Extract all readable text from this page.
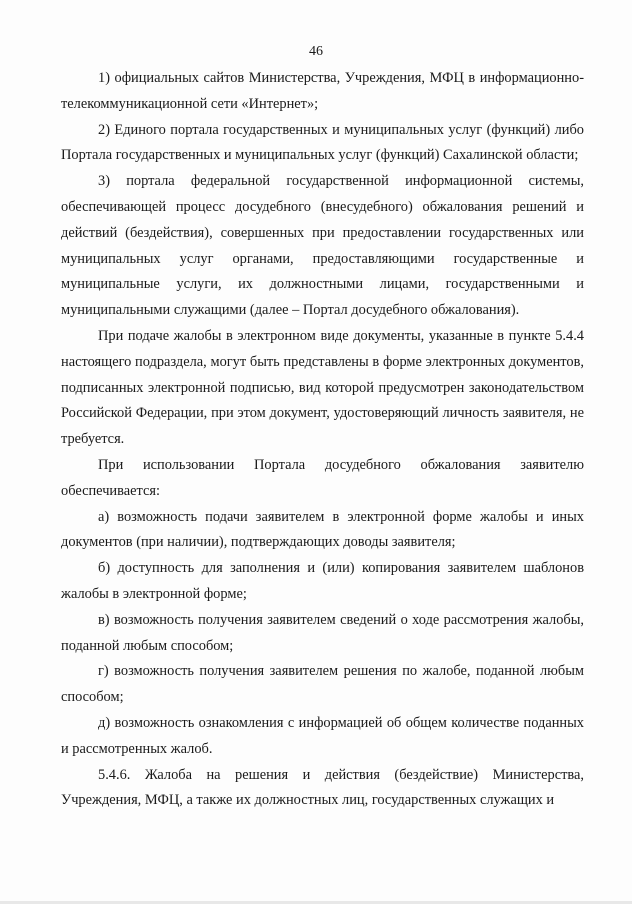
46

1) официальных сайтов Министерства, Учреждения, МФЦ в информационно-телекоммуникационной сети «Интернет»;

2) Единого портала государственных и муниципальных услуг (функций) либо Портала государственных и муниципальных услуг (функций) Сахалинской области;

3) портала федеральной государственной информационной системы, обеспечивающей процесс досудебного (внесудебного) обжалования решений и действий (бездействия), совершенных при предоставлении государственных или муниципальных услуг органами, предоставляющими государственные и муниципальные услуги, их должностными лицами, государственными и муниципальными служащими (далее – Портал досудебного обжалования).

При подаче жалобы в электронном виде документы, указанные в пункте 5.4.4 настоящего подраздела, могут быть представлены в форме электронных документов, подписанных электронной подписью, вид которой предусмотрен законодательством Российской Федерации, при этом документ, удостоверяющий личность заявителя, не требуется.

При использовании Портала досудебного обжалования заявителю обеспечивается:

а) возможность подачи заявителем в электронной форме жалобы и иных документов (при наличии), подтверждающих доводы заявителя;

б) доступность для заполнения и (или) копирования заявителем шаблонов жалобы в электронной форме;

в) возможность получения заявителем сведений о ходе рассмотрения жалобы, поданной любым способом;

г) возможность получения заявителем решения по жалобе, поданной любым способом;

д) возможность ознакомления с информацией об общем количестве поданных и рассмотренных жалоб.

5.4.6. Жалоба на решения и действия (бездействие) Министерства, Учреждения, МФЦ, а также их должностных лиц, государственных служащих и
